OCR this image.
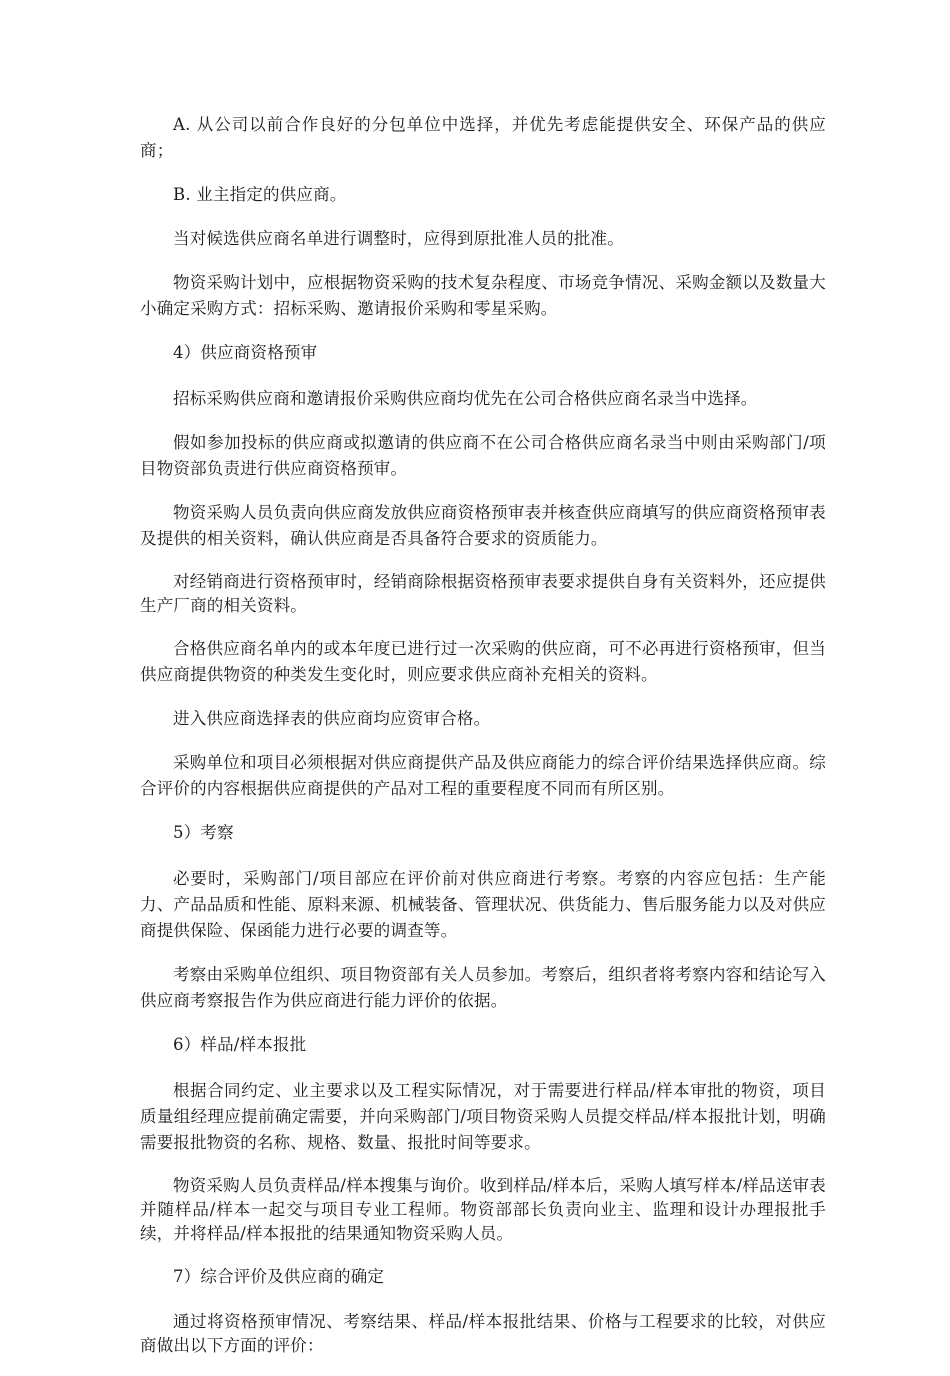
A. 从公司以前合作良好的分包单位中选择，并优先考虑能提供安全、环保产品的供应商；

B. 业主指定的供应商。

当对候选供应商名单进行调整时，应得到原批准人员的批准。

物资采购计划中，应根据物资采购的技术复杂程度、市场竞争情况、采购金额以及数量大小确定采购方式：招标采购、邀请报价采购和零星采购。

4）供应商资格预审

招标采购供应商和邀请报价采购供应商均优先在公司合格供应商名录当中选择。

假如参加投标的供应商或拟邀请的供应商不在公司合格供应商名录当中则由采购部门/项目物资部负责进行供应商资格预审。

物资采购人员负责向供应商发放供应商资格预审表并核查供应商填写的供应商资格预审表及提供的相关资料，确认供应商是否具备符合要求的资质能力。

对经销商进行资格预审时，经销商除根据资格预审表要求提供自身有关资料外，还应提供生产厂商的相关资料。

合格供应商名单内的或本年度已进行过一次采购的供应商，可不必再进行资格预审，但当供应商提供物资的种类发生变化时，则应要求供应商补充相关的资料。

进入供应商选择表的供应商均应资审合格。

采购单位和项目必须根据对供应商提供产品及供应商能力的综合评价结果选择供应商。综合评价的内容根据供应商提供的产品对工程的重要程度不同而有所区别。

5）考察

必要时，采购部门/项目部应在评价前对供应商进行考察。考察的内容应包括：生产能力、产品品质和性能、原料来源、机械装备、管理状况、供货能力、售后服务能力以及对供应商提供保险、保函能力进行必要的调查等。

考察由采购单位组织、项目物资部有关人员参加。考察后，组织者将考察内容和结论写入供应商考察报告作为供应商进行能力评价的依据。

6）样品/样本报批

根据合同约定、业主要求以及工程实际情况，对于需要进行样品/样本审批的物资，项目质量组经理应提前确定需要，并向采购部门/项目物资采购人员提交样品/样本报批计划，明确需要报批物资的名称、规格、数量、报批时间等要求。

物资采购人员负责样品/样本搜集与询价。收到样品/样本后，采购人填写样本/样品送审表并随样品/样本一起交与项目专业工程师。物资部部长负责向业主、监理和设计办理报批手续，并将样品/样本报批的结果通知物资采购人员。

7）综合评价及供应商的确定

通过将资格预审情况、考察结果、样品/样本报批结果、价格与工程要求的比较，对供应商做出以下方面的评价：
